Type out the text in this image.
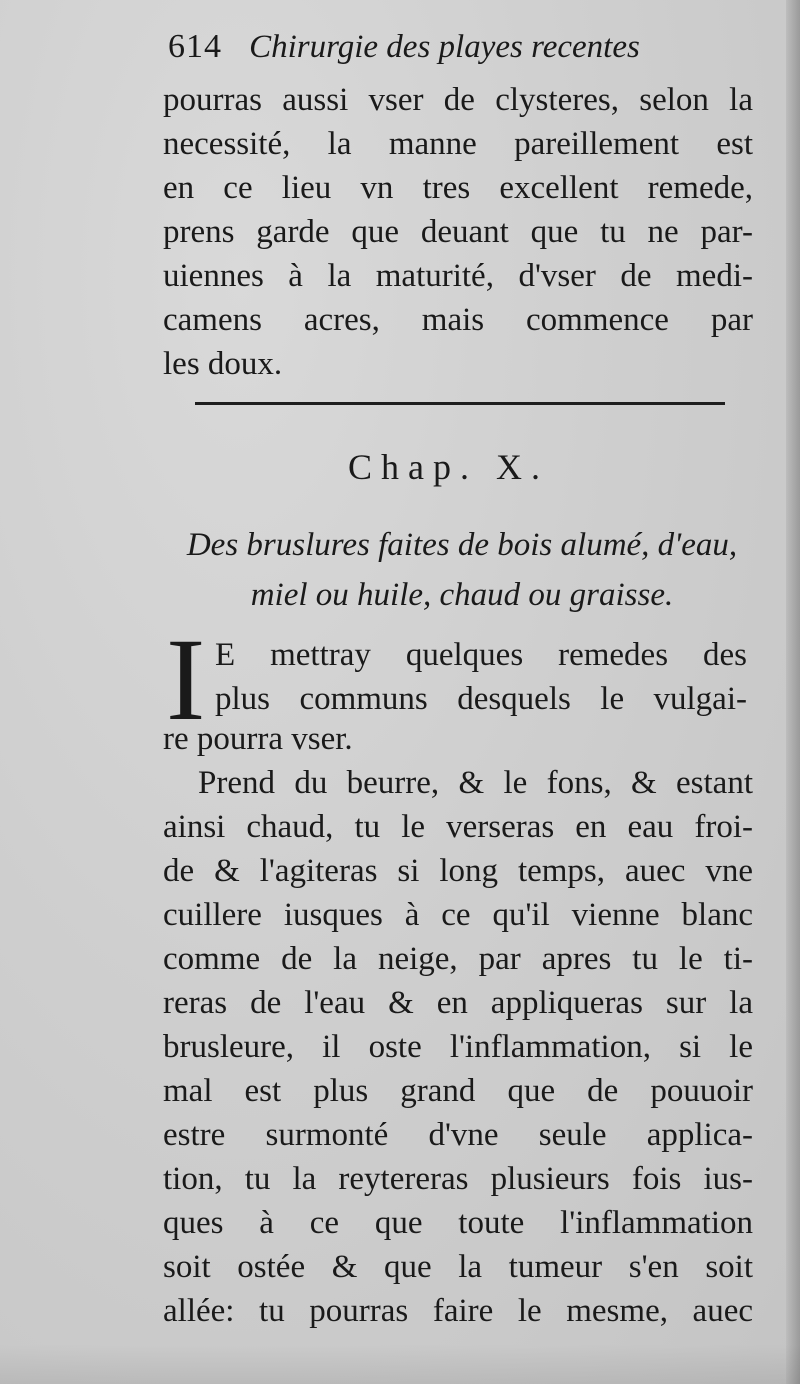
614 Chirurgie des playes recentes
pourras aussi vser de clysteres, selon la
necessité, la manne pareillement est
en ce lieu vn tres excellent remede,
prens garde que deuant que tu ne par-
uiennes à la maturité, d'vser de medi-
camens acres, mais commence par
les doux.
Chap. X.
Des bruslures faites de bois alumé, d'eau,
miel ou huile, chaud ou graisse.
I E mettray quelques remedes des
plus communs desquels le vulgai-
re pourra vser.
Prend du beurre, & le fons, & estant
ainsi chaud, tu le verseras en eau froi-
de & l'agiteras si long temps, auec vne
cuillere iusques à ce qu'il vienne blanc
comme de la neige, par apres tu le ti-
reras de l'eau & en appliqueras sur la
brusleure, il oste l'inflammation, si le
mal est plus grand que de pouuoir
estre surmonté d'vne seule applica-
tion, tu la reytereras plusieurs fois ius-
ques à ce que toute l'inflammation
soit ostée & que la tumeur s'en soit
allée: tu pourras faire le mesme, auec
